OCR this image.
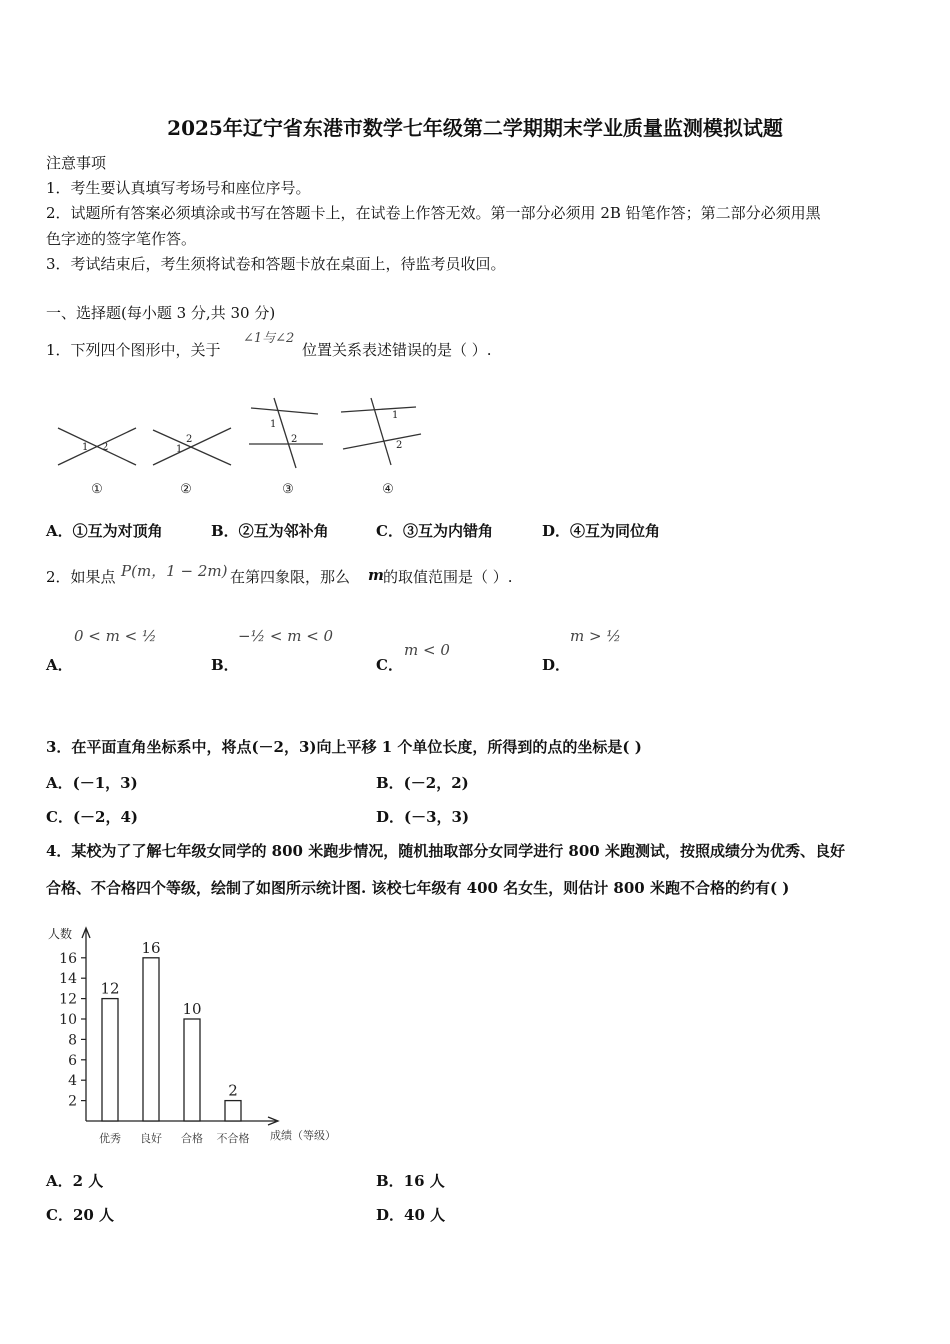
2025年辽宁省东港市数学七年级第二学期期末学业质量监测模拟试题
注意事项
1．考生要认真填写考场号和座位序号。
2．试题所有答案必须填涂或书写在答题卡上，在试卷上作答无效。第一部分必须用 2B 铅笔作答；第二部分必须用黑
色字迹的签字笔作答。
3．考试结束后，考生须将试卷和答题卡放在桌面上，待监考员收回。
一、选择题(每小题 3 分,共 30 分)
1．下列四个图形中，关于
∠1与∠2
位置关系表述错误的是（ ）.
1 2	1
2
1
2
1
2
①	②	③	④
A．①互为对顶角	B．②互为邻补角	C．③互为内错角	D．④互为同位角
2．如果点 P(m，1 − 2m) 在第四象限，那么 m 的取值范围是（ ）.
A．
0 < m < ½
B．
−½ < m < 0
C．
m < 0
D．
m > ½
3．在平面直角坐标系中，将点(－2，3)向上平移 1 个单位长度，所得到的点的坐标是( )
A．(－1，3)	B．(－2，2)
C．(－2，4)	D．(－3，3)
4．某校为了了解七年级女同学的 800 米跑步情况，随机抽取部分女同学进行 800 米跑测试，按照成绩分为优秀、良好
合格、不合格四个等级，绘制了如图所示统计图. 该校七年级有 400 名女生，则估计 800 米跑不合格的约有( )
人数
成绩（等级）
2
4
6
8
10
12
14
16
12
优秀
16
良好
10
合格
2
不合格
A．2 人	B．16 人
C．20 人	D．40 人
